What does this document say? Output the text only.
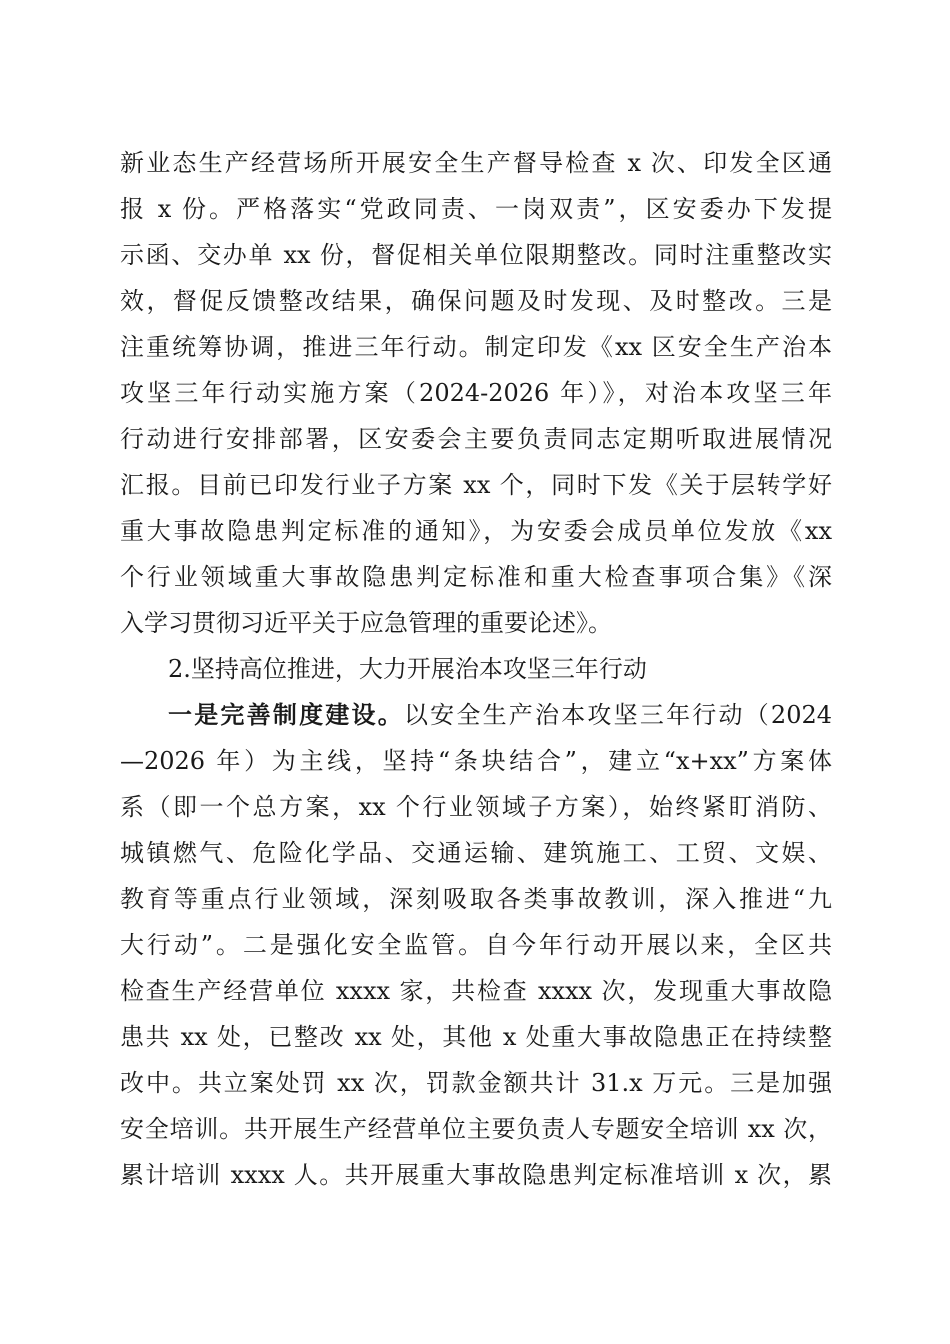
新业态生产经营场所开展安全生产督导检查 x 次、印发全区通
报 x 份。严格落实“党政同责、一岗双责”，区安委办下发提
示函、交办单 xx 份，督促相关单位限期整改。同时注重整改实
效，督促反馈整改结果，确保问题及时发现、及时整改。三是
注重统筹协调，推进三年行动。制定印发《xx 区安全生产治本
攻坚三年行动实施方案（2024-2026 年）》，对治本攻坚三年
行动进行安排部署，区安委会主要负责同志定期听取进展情况
汇报。目前已印发行业子方案 xx 个，同时下发《关于层转学好
重大事故隐患判定标准的通知》，为安委会成员单位发放《xx
个行业领域重大事故隐患判定标准和重大检查事项合集》《深
入学习贯彻习近平关于应急管理的重要论述》。
2.坚持高位推进，大力开展治本攻坚三年行动
一是完善制度建设。以安全生产治本攻坚三年行动（2024
—2026 年）为主线，坚持“条块结合”，建立“x+xx”方案体
系（即一个总方案，xx 个行业领域子方案），始终紧盯消防、
城镇燃气、危险化学品、交通运输、建筑施工、工贸、文娱、
教育等重点行业领域，深刻吸取各类事故教训，深入推进“九
大行动”。二是强化安全监管。自今年行动开展以来，全区共
检查生产经营单位 xxxx 家，共检查 xxxx 次，发现重大事故隐
患共 xx 处，已整改 xx 处，其他 x 处重大事故隐患正在持续整
改中。共立案处罚 xx 次，罚款金额共计 31.x 万元。三是加强
安全培训。共开展生产经营单位主要负责人专题安全培训 xx 次，
累计培训 xxxx 人。共开展重大事故隐患判定标准培训 x 次，累
